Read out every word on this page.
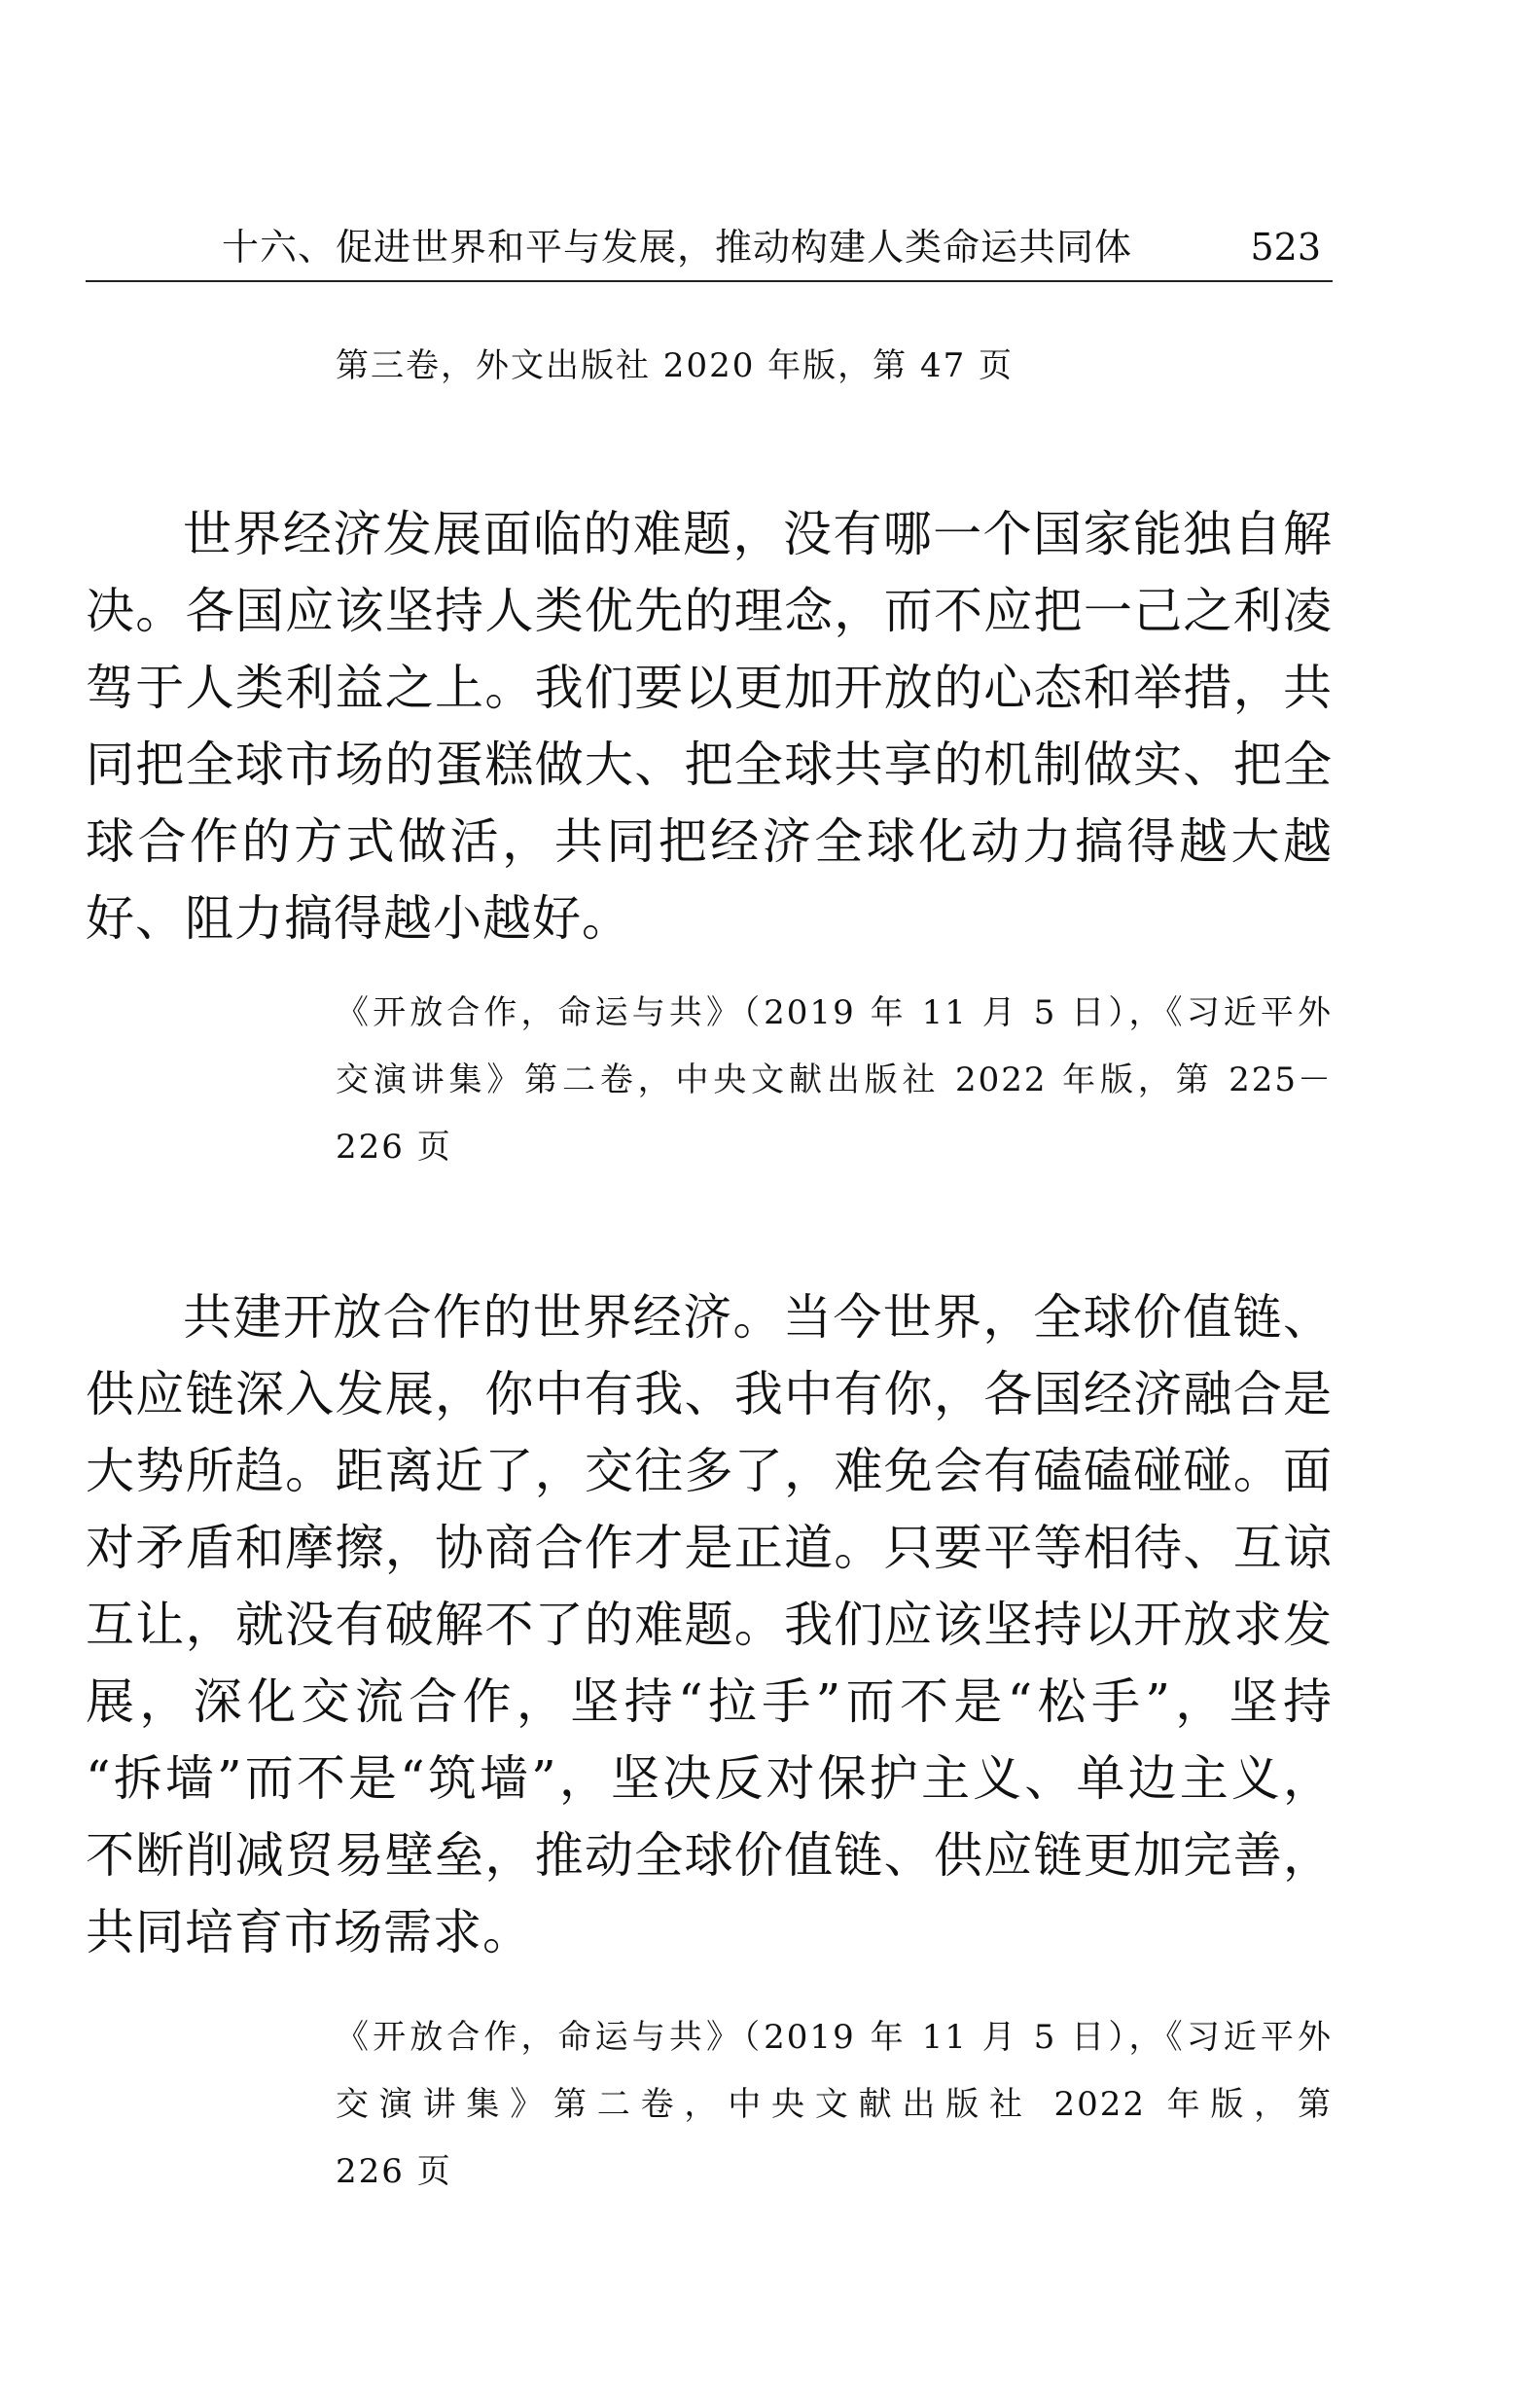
十六、促进世界和平与发展，推动构建人类命运共同体	523
第三卷，外文出版社 2020 年版，第 47 页
世界经济发展面临的难题，没有哪一个国家能独自解
决。各国应该坚持人类优先的理念，而不应把一己之利凌
驾于人类利益之上。我们要以更加开放的心态和举措，共
同把全球市场的蛋糕做大、把全球共享的机制做实、把全
球合作的方式做活，共同把经济全球化动力搞得越大越
好、阻力搞得越小越好。
《开放合作，命运与共》（2019 年 11 月 5 日），《习近平外
交演讲集》第二卷，中央文献出版社 2022 年版，第 225－
226 页
共建开放合作的世界经济。当今世界，全球价值链、
供应链深入发展，你中有我、我中有你，各国经济融合是
大势所趋。距离近了，交往多了，难免会有磕磕碰碰。面
对矛盾和摩擦，协商合作才是正道。只要平等相待、互谅
互让，就没有破解不了的难题。我们应该坚持以开放求发
展，深化交流合作，坚持“拉手”而不是“松手”，坚持
“拆墙”而不是“筑墙”，坚决反对保护主义、单边主义，
不断削减贸易壁垒，推动全球价值链、供应链更加完善，
共同培育市场需求。
《开放合作，命运与共》（2019 年 11 月 5 日），《习近平外
交演讲集》第二卷，中央文献出版社 2022 年版，第
226 页
